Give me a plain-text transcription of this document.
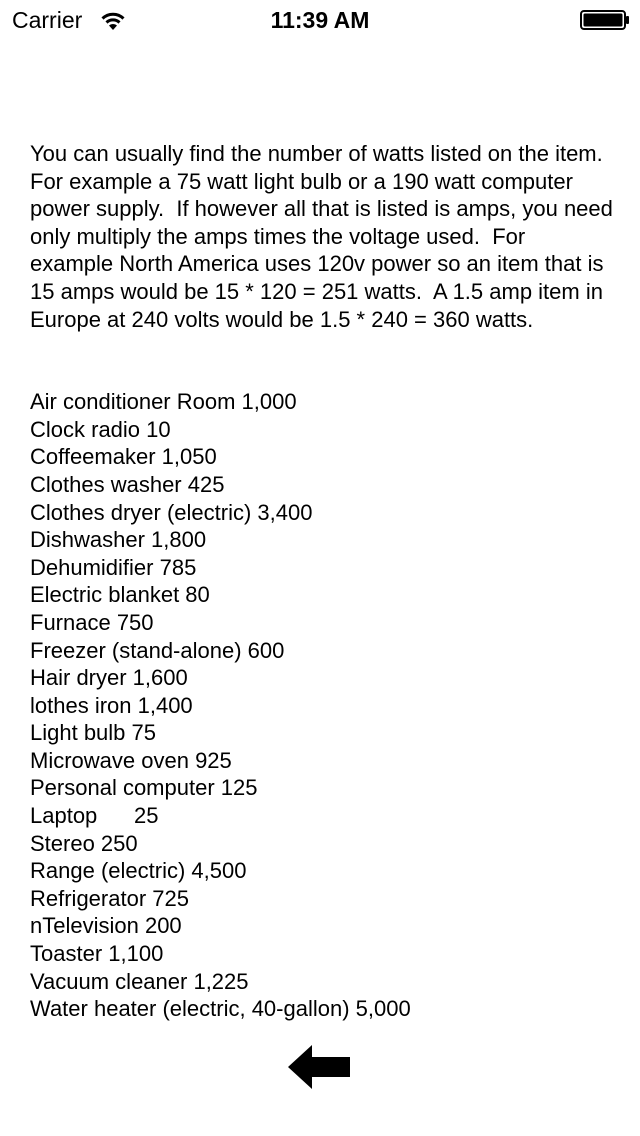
Carrier	11:39 AM

You can usually find the number of watts listed on the item.  For example a 75 watt light bulb or a 190 watt computer power supply.  If however all that is listed is amps, you need only multiply the amps times the voltage used.  For example North America uses 120v power so an item that is 15 amps would be 15 * 120 = 251 watts.  A 1.5 amp item in Europe at 240 volts would be 1.5 * 240 = 360 watts.

Air conditioner Room 1,000
Clock radio 10
Coffeemaker 1,050
Clothes washer 425
Clothes dryer (electric) 3,400
Dishwasher 1,800
Dehumidifier 785
Electric blanket 80
Furnace 750
Freezer (stand-alone) 600
Hair dryer 1,600
lothes iron 1,400
Light bulb 75
Microwave oven 925
Personal computer 125
Laptop      25
Stereo 250
Range (electric) 4,500
Refrigerator 725
nTelevision 200
Toaster 1,100
Vacuum cleaner 1,225
Water heater (electric, 40-gallon) 5,000
